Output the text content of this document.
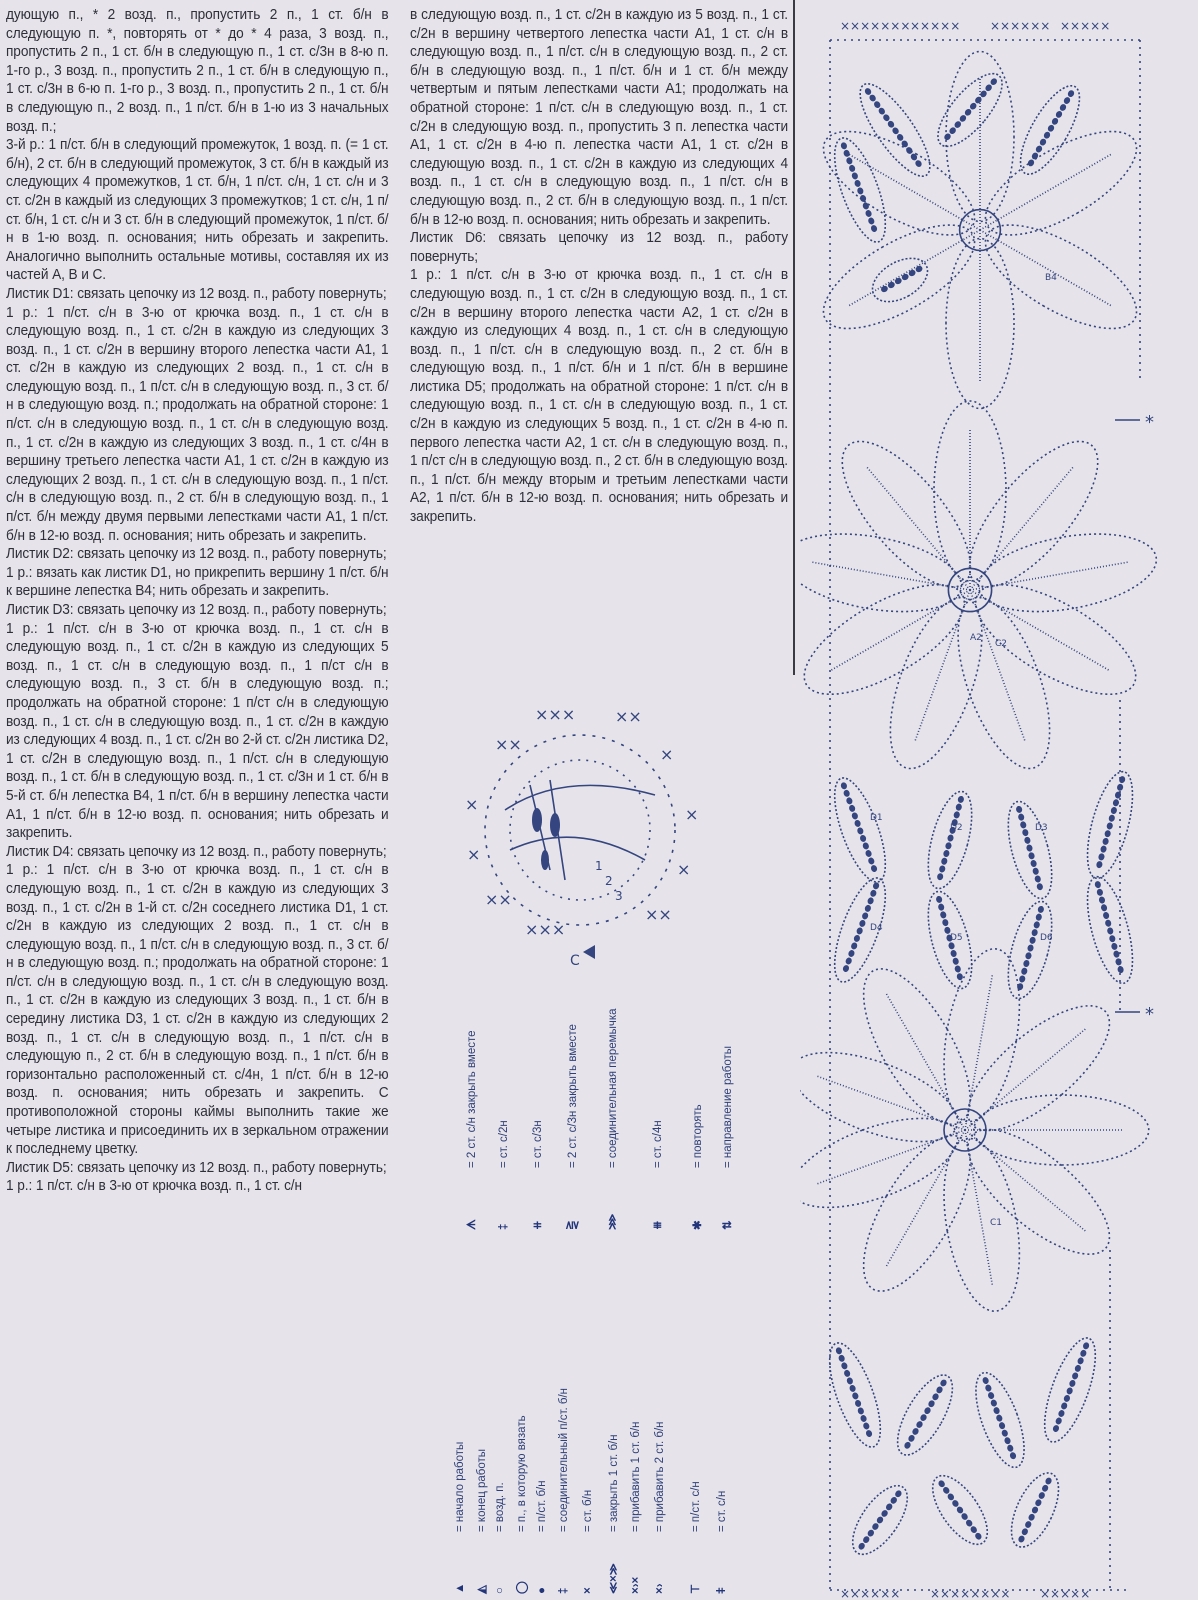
дующую п., * 2 возд. п., пропустить 2 п., 1 ст. б/н в следующую п. *, повторять от * до * 4 раза, 3 возд. п., пропустить 2 п., 1 ст. б/н в следующую п., 1 ст. с/3н в 8-ю п. 1-го р., 3 возд. п., пропустить 2 п., 1 ст. б/н в следующую п., 1 ст. с/3н в 6-ю п. 1-го р., 3 возд. п., пропустить 2 п., 1 ст. б/н в следующую п., 2 возд. п., 1 п/ст. б/н в 1-ю из 3 начальных возд. п.;

3-й р.: 1 п/ст. б/н в следующий промежуток, 1 возд. п. (= 1 ст. б/н), 2 ст. б/н в следующий промежуток, 3 ст. б/н в каждый из следующих 4 промежутков, 1 ст. б/н, 1 п/ст. с/н, 1 ст. с/н и 3 ст. с/2н в каждый из следующих 3 промежутков; 1 ст. с/н, 1 п/ст. б/н, 1 ст. с/н и 3 ст. б/н в следующий промежуток, 1 п/ст. б/н в 1-ю возд. п. основания; нить обрезать и закрепить. Аналогично выполнить остальные мотивы, составляя их из частей А, В и С.

Листик D1: связать цепочку из 12 возд. п., работу повернуть;

1 р.: 1 п/ст. с/н в 3-ю от крючка возд. п., 1 ст. с/н в следующую возд. п., 1 ст. с/2н в каждую из следующих 3 возд. п., 1 ст. с/2н в вершину второго лепестка части А1, 1 ст. с/2н в каждую из следующих 2 возд. п., 1 ст. с/н в следующую возд. п., 1 п/ст. с/н в следующую возд. п., 3 ст. б/н в следующую возд. п.; продолжать на обратной стороне: 1 п/ст. с/н в следующую возд. п., 1 ст. с/н в следующую возд. п., 1 ст. с/2н в каждую из следующих 3 возд. п., 1 ст. с/4н в вершину третьего лепестка части А1, 1 ст. с/2н в каждую из следующих 2 возд. п., 1 ст. с/н в следующую возд. п., 1 п/ст. с/н в следующую возд. п., 2 ст. б/н в следующую возд. п., 1 п/ст. б/н между двумя первыми лепестками части А1, 1 п/ст. б/н в 12-ю возд. п. основания; нить обрезать и закрепить.

Листик D2: связать цепочку из 12 возд. п., работу повернуть;

1 р.: вязать как листик D1, но прикрепить вершину 1 п/ст. б/н к вершине лепестка В4; нить обрезать и закрепить.

Листик D3: связать цепочку из 12 возд. п., работу повернуть;

1 р.: 1 п/ст. с/н в 3-ю от крючка возд. п., 1 ст. с/н в следующую возд. п., 1 ст. с/2н в каждую из следующих 5 возд. п., 1 ст. с/н в следующую возд. п., 1 п/ст с/н в следующую возд. п., 3 ст. б/н в следующую возд. п.; продолжать на обратной стороне: 1 п/ст с/н в следующую возд. п., 1 ст. с/н в следующую возд. п., 1 ст. с/2н в каждую из следующих 4 возд. п., 1 ст. с/2н во 2-й ст. с/2н листика D2, 1 ст. с/2н в следующую возд. п., 1 п/ст. с/н в следующую возд. п., 1 ст. б/н в следующую возд. п., 1 ст. с/3н и 1 ст. б/н в 5-й ст. б/н лепестка В4, 1 п/ст. б/н в вершину лепестка части А1, 1 п/ст. б/н в 12-ю возд. п. основания; нить обрезать и закрепить.

Листик D4: связать цепочку из 12 возд. п., работу повернуть;

1 р.: 1 п/ст. с/н в 3-ю от крючка возд. п., 1 ст. с/н в следующую возд. п., 1 ст. с/2н в каждую из следующих 3 возд. п., 1 ст. с/2н в 1-й ст. с/2н соседнего листика D1, 1 ст. с/2н в каждую из следующих 2 возд. п., 1 ст. с/н в следующую возд. п., 1 п/ст. с/н в следующую возд. п., 3 ст. б/н в следующую возд. п.; продолжать на обратной стороне: 1 п/ст. с/н в следующую возд. п., 1 ст. с/н в следующую возд. п., 1 ст. с/2н в каждую из следующих 3 возд. п., 1 ст. б/н в середину листика D3, 1 ст. с/2н в каждую из следующих 2 возд. п., 1 ст. с/н в следующую возд. п., 1 п/ст. с/н в следующую п., 2 ст. б/н в следующую возд. п., 1 п/ст. б/н в горизонтально расположенный ст. с/4н, 1 п/ст. б/н в 12-ю возд. п. основания; нить обрезать и закрепить. С противоположной стороны каймы выполнить такие же четыре листика и присоединить их в зеркальном отражении к последнему цветку.

Листик D5: связать цепочку из 12 возд. п., работу повернуть;

1 р.: 1 п/ст. с/н в 3-ю от крючка возд. п., 1 ст. с/н

в следующую возд. п., 1 ст. с/2н в каждую из 5 возд. п., 1 ст. с/2н в вершину четвертого лепестка части А1, 1 ст. с/н в следующую возд. п., 1 п/ст. с/н в следующую возд. п., 2 ст. б/н в следующую возд. п., 1 п/ст. б/н и 1 ст. б/н между четвертым и пятым лепестками части А1; продолжать на обратной стороне: 1 п/ст. с/н в следующую возд. п., 1 ст. с/2н в следующую возд. п., пропустить 3 п. лепестка части А1, 1 ст. с/2н в 4-ю п. лепестка части А1, 1 ст. с/2н в следующую возд. п., 1 ст. с/2н в каждую из следующих 4 возд. п., 1 ст. с/н в следующую возд. п., 1 п/ст. с/н в следующую возд. п., 2 ст. б/н в следующую возд. п., 1 п/ст. б/н в 12-ю возд. п. основания; нить обрезать и закрепить.

Листик D6: связать цепочку из 12 возд. п., работу повернуть;

1 р.: 1 п/ст. с/н в 3-ю от крючка возд. п., 1 ст. с/н в следующую возд. п., 1 ст. с/2н в следующую возд. п., 1 ст. с/2н в вершину второго лепестка части А2, 1 ст. с/2н в каждую из следующих 4 возд. п., 1 ст. с/н в следующую возд. п., 1 п/ст. с/н в следующую возд. п., 2 ст. б/н в следующую возд. п., 1 п/ст. б/н и 1 п/ст. б/н в вершине листика D5; продолжать на обратной стороне: 1 п/ст. с/н в следующую возд. п., 1 ст. с/н в следующую возд. п., 1 ст. с/2н в каждую из следующих 5 возд. п., 1 ст. с/2н в 4-ю п. первого лепестка части А2, 1 ст. с/н в следующую возд. п., 1 п/ст с/н в следующую возд. п., 2 ст. б/н в следующую возд. п., 1 п/ст. б/н между вторым и третьим лепестками части А2, 1 п/ст. б/н в 12-ю возд. п. основания; нить обрезать и закрепить.

××× ××
××
×
×
×
×
×
××
××
×××
C
1
2
3
ᗑ= 2 ст. с/н закрыть вместе
‡= ст. с/2н
⧺= ст. с/3н
⋛= 2 ст. с/3н закрыть вместе
⋙= соединительная перемычка
⧻= ст. с/4н
✱= повторять
⇅= направление работы
▲= начало работы
◭= конец работы
○= возд. п.
◯= п., в которую вязать
●= п/ст. б/н
‡= соединительный п/ст. б/н
×= ст. б/н
≪×≫= закрыть 1 ст. б/н
×›×= прибавить 1 ст. б/н
×›= прибавить 2 ст. б/н
⊤= п/ст. с/н
ǂ= ст. с/н
××××××× ××××× ×××××× ×××××
×××××× ×××××××× ×××××
*
*
A2
C2
B4
D1
D2	D3
D4
D5	D6
C1
